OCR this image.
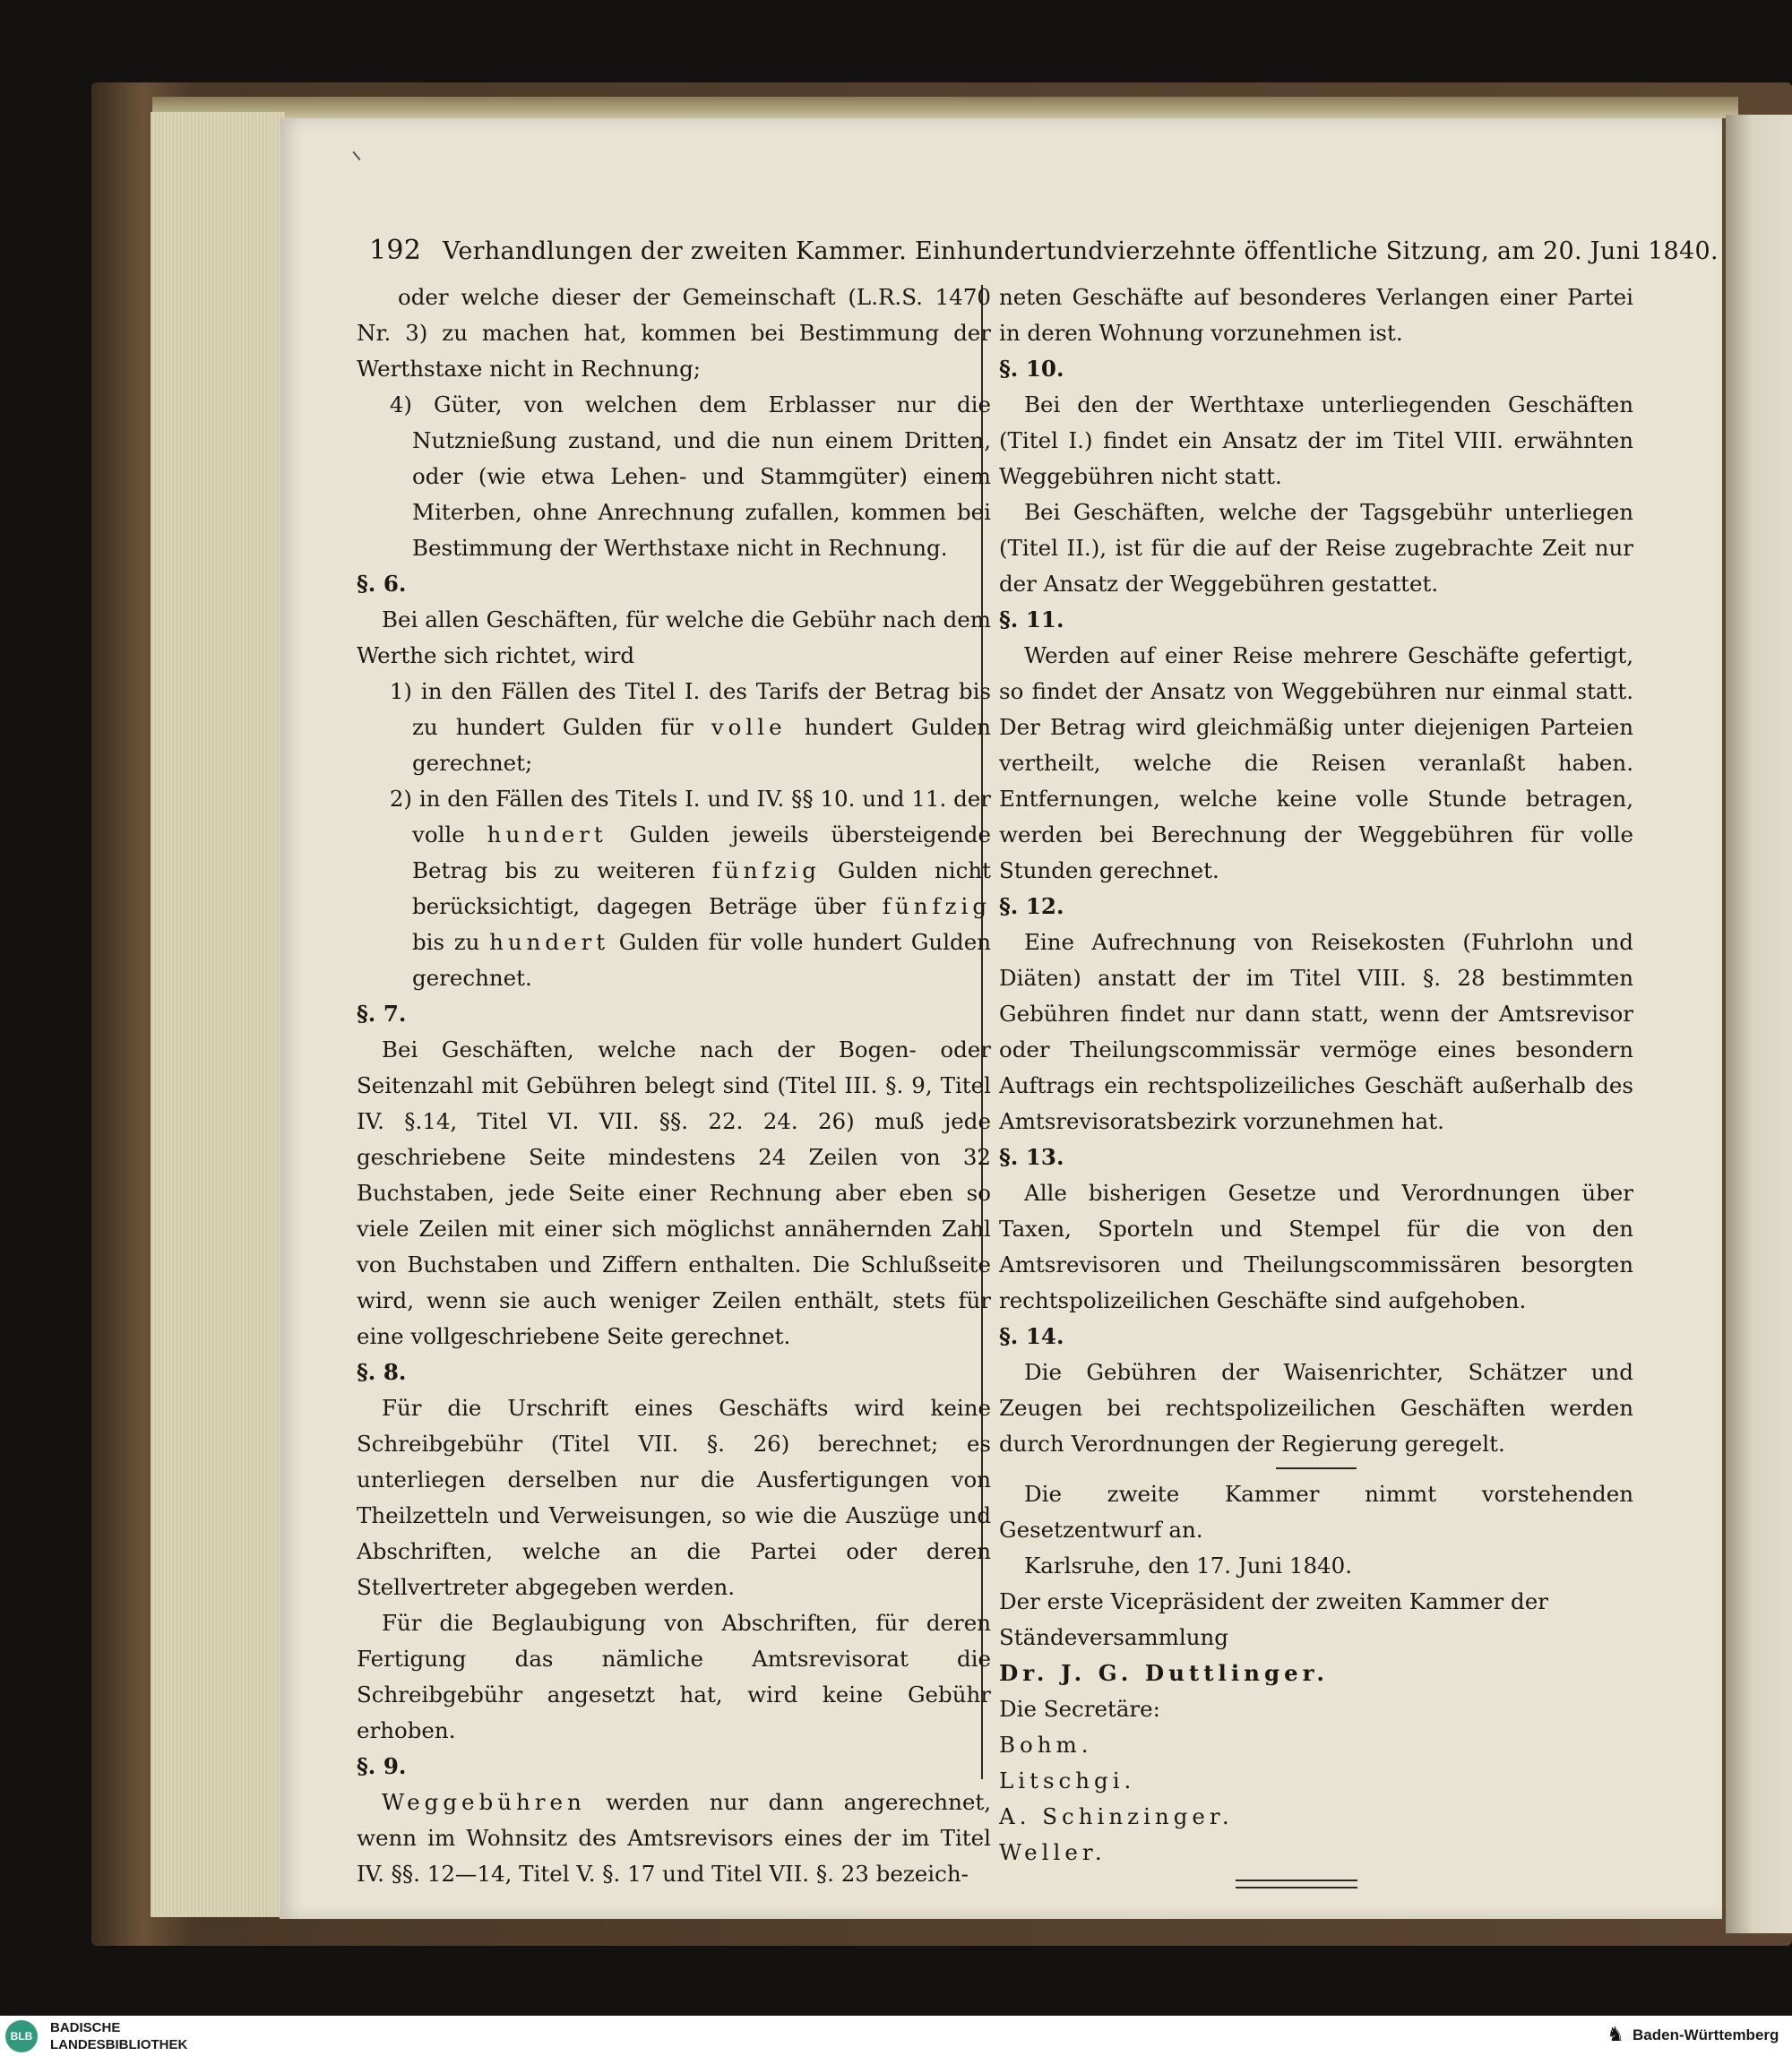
192 Verhandlungen der zweiten Kammer. Einhundertundvierzehnte öffentliche Sitzung, am 20. Juni 1840.

oder welche dieser der Gemeinschaft (L.R.S. 1470 Nr. 3) zu machen hat, kommen bei Bestimmung der Werthstaxe nicht in Rechnung;

4) Güter, von welchen dem Erblasser nur die Nutznießung zustand, und die nun einem Dritten, oder (wie etwa Lehen- und Stammgüter) einem Miterben, ohne Anrechnung zufallen, kommen bei Bestimmung der Werthstaxe nicht in Rechnung.

§. 6.

Bei allen Geschäften, für welche die Gebühr nach dem Werthe sich richtet, wird

1) in den Fällen des Titel I. des Tarifs der Betrag bis zu hundert Gulden für volle hundert Gulden gerechnet;

2) in den Fällen des Titels I. und IV. §§ 10. und 11. der volle hundert Gulden jeweils übersteigende Betrag bis zu weiteren fünfzig Gulden nicht berücksichtigt, dagegen Beträge über fünfzig bis zu hundert Gulden für volle hundert Gulden gerechnet.

§. 7.

Bei Geschäften, welche nach der Bogen- oder Seitenzahl mit Gebühren belegt sind (Titel III. §. 9, Titel IV. §.14, Titel VI. VII. §§. 22. 24. 26) muß jede geschriebene Seite mindestens 24 Zeilen von 32 Buchstaben, jede Seite einer Rechnung aber eben so viele Zeilen mit einer sich möglichst annähernden Zahl von Buchstaben und Ziffern enthalten. Die Schlußseite wird, wenn sie auch weniger Zeilen enthält, stets für eine vollgeschriebene Seite gerechnet.

§. 8.

Für die Urschrift eines Geschäfts wird keine Schreibgebühr (Titel VII. §. 26) berechnet; es unterliegen derselben nur die Ausfertigungen von Theilzetteln und Verweisungen, so wie die Auszüge und Abschriften, welche an die Partei oder deren Stellvertreter abgegeben werden.

Für die Beglaubigung von Abschriften, für deren Fertigung das nämliche Amtsrevisorat die Schreibgebühr angesetzt hat, wird keine Gebühr erhoben.

§. 9.

Weggebühren werden nur dann angerechnet, wenn im Wohnsitz des Amtsrevisors eines der im Titel IV. §§. 12—14, Titel V. §. 17 und Titel VII. §. 23 bezeich-

neten Geschäfte auf besonderes Verlangen einer Partei in deren Wohnung vorzunehmen ist.

§. 10.

Bei den der Werthtaxe unterliegenden Geschäften (Titel I.) findet ein Ansatz der im Titel VIII. erwähnten Weggebühren nicht statt.

Bei Geschäften, welche der Tagsgebühr unterliegen (Titel II.), ist für die auf der Reise zugebrachte Zeit nur der Ansatz der Weggebühren gestattet.

§. 11.

Werden auf einer Reise mehrere Geschäfte gefertigt, so findet der Ansatz von Weggebühren nur einmal statt. Der Betrag wird gleichmäßig unter diejenigen Parteien vertheilt, welche die Reisen veranlaßt haben. Entfernungen, welche keine volle Stunde betragen, werden bei Berechnung der Weggebühren für volle Stunden gerechnet.

§. 12.

Eine Aufrechnung von Reisekosten (Fuhrlohn und Diäten) anstatt der im Titel VIII. §. 28 bestimmten Gebühren findet nur dann statt, wenn der Amtsrevisor oder Theilungscommissär vermöge eines besondern Auftrags ein rechtspolizeiliches Geschäft außerhalb des Amtsrevisoratsbezirk vorzunehmen hat.

§. 13.

Alle bisherigen Gesetze und Verordnungen über Taxen, Sporteln und Stempel für die von den Amtsrevisoren und Theilungscommissären besorgten rechtspolizeilichen Geschäfte sind aufgehoben.

§. 14.

Die Gebühren der Waisenrichter, Schätzer und Zeugen bei rechtspolizeilichen Geschäften werden durch Verordnungen der Regierung geregelt.

Die zweite Kammer nimmt vorstehenden Gesetzentwurf an.

Karlsruhe, den 17. Juni 1840.

Der erste Vicepräsident der zweiten Kammer der

Ständeversammlung

Dr. J. G. Duttlinger.

Die Secretäre:

Bohm.

Litschgi.

A. Schinzinger.

Weller.

BLB
BADISCHE
LANDESBIBLIOTHEK	♞ Baden-Württemberg
